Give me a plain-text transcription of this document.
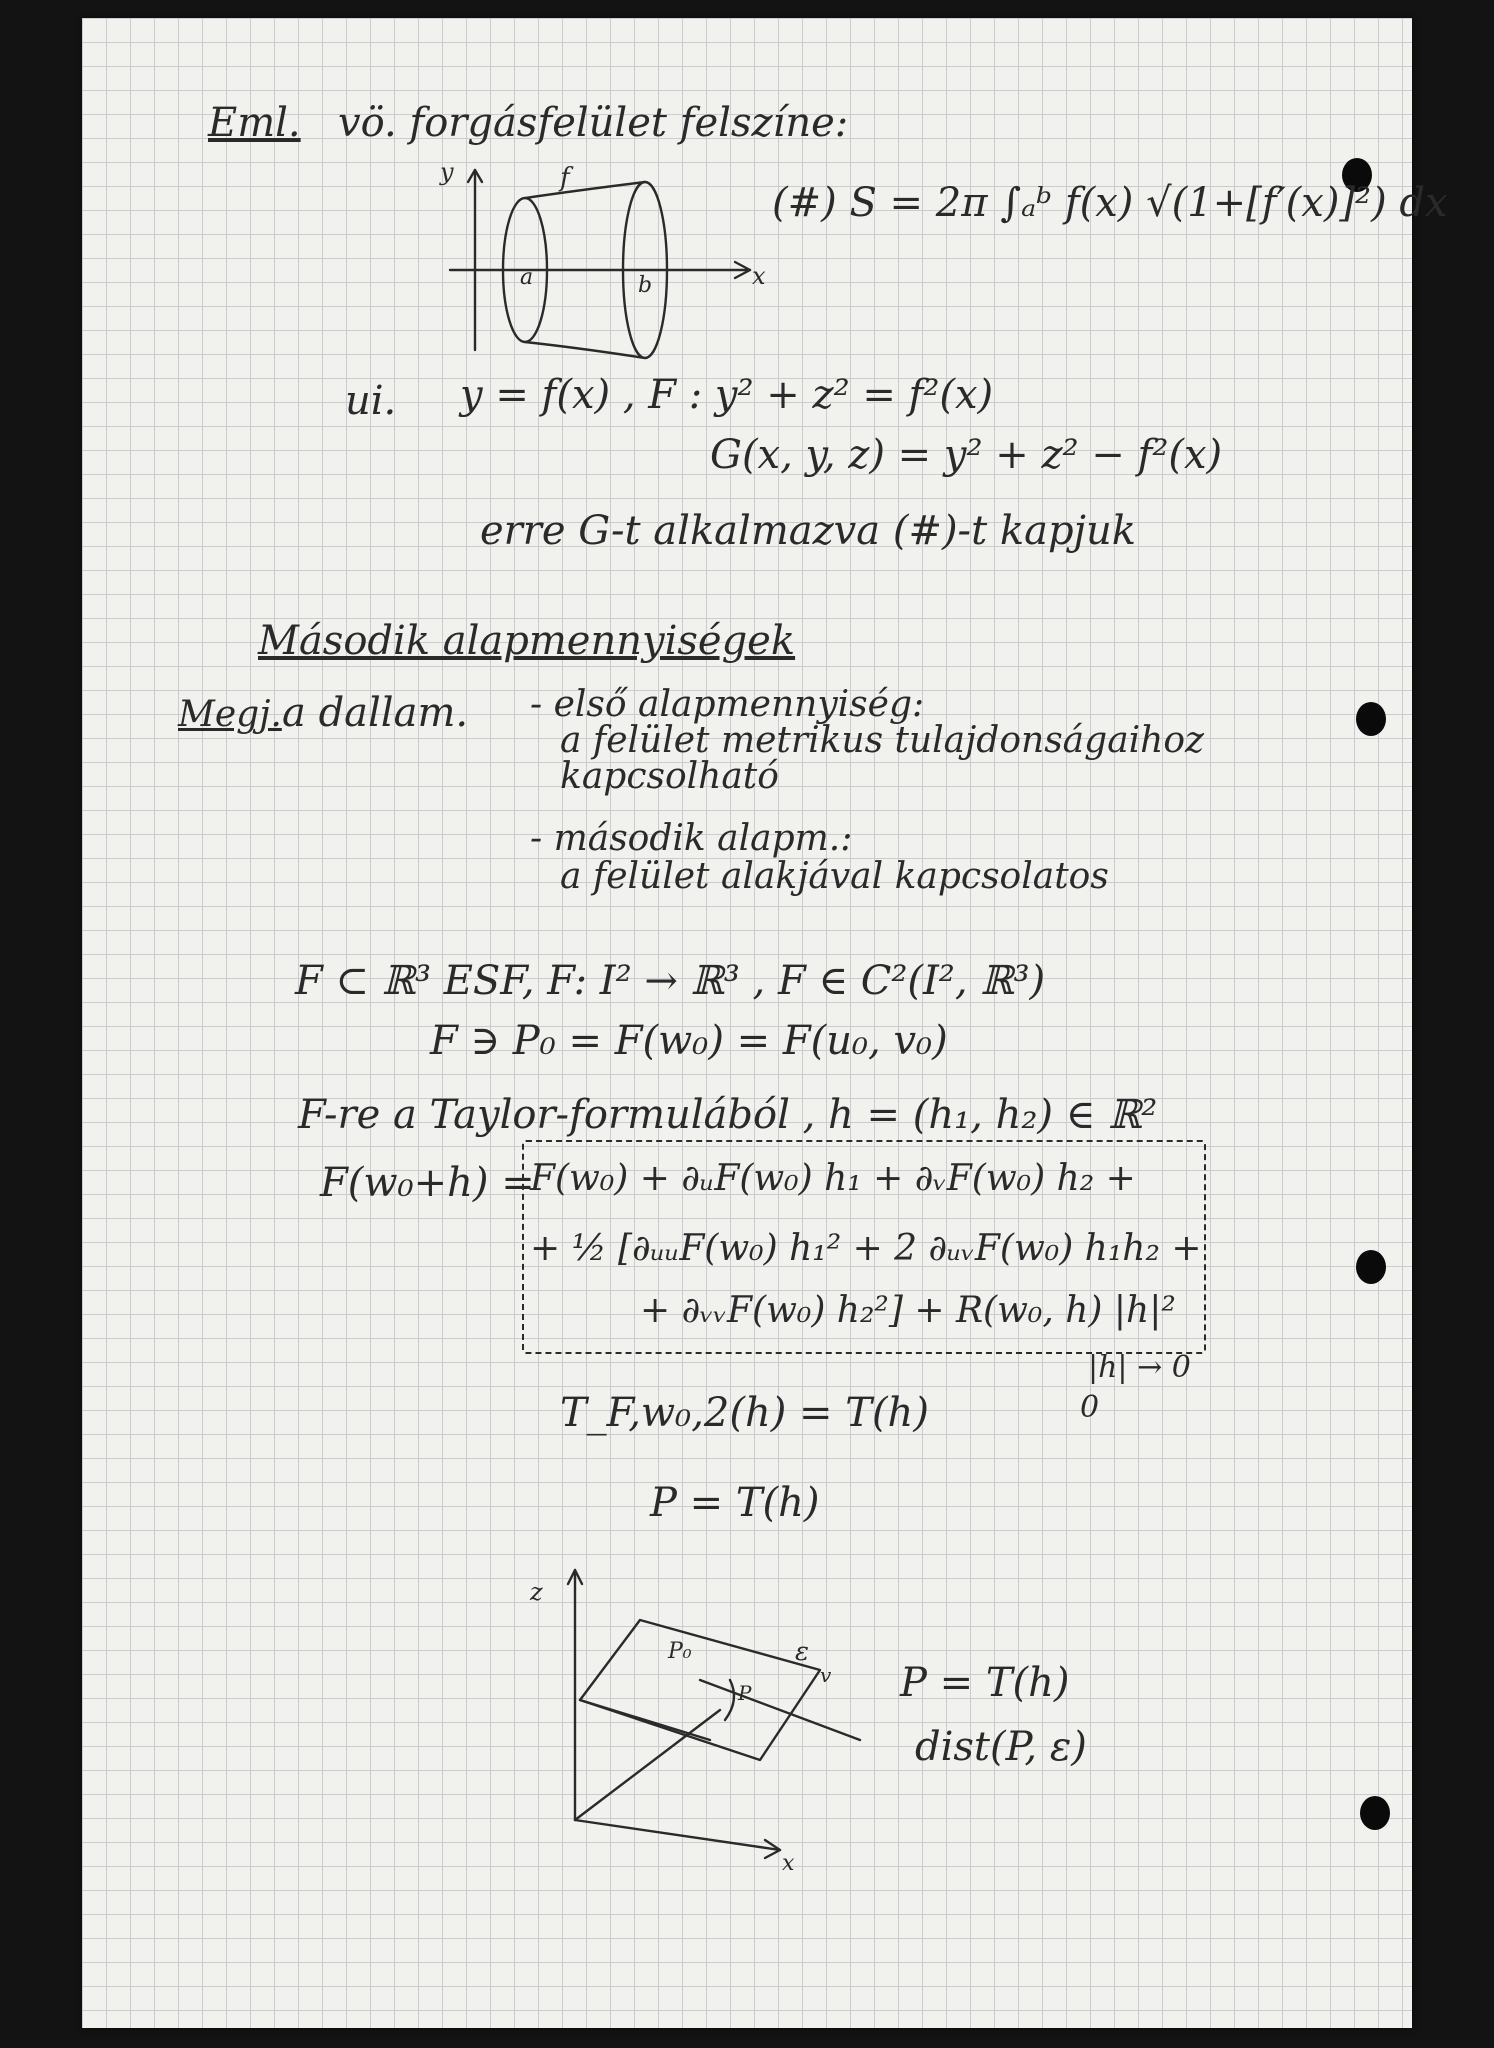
Eml. vö. forgásfelület felszíne:
y
x
f
a	b
(#) S = 2π ∫ₐᵇ f(x) √(1+[f′(x)]²) dx
ui. y = f(x) , F : y² + z² = f²(x)
G(x, y, z) = y² + z² − f²(x)
erre G-t alkalmazva (#)-t kapjuk
Második alapmennyiségek
Megj. a dallam. - első alapmennyiség:
a felület metrikus tulajdonságaihoz
kapcsolható
- második alapm.:
a felület alakjával kapcsolatos
F ⊂ ℝ³ ESF, F: I² → ℝ³ , F ∈ C²(I², ℝ³)
F ∋ P₀ = F(w₀) = F(u₀, v₀)
F-re a Taylor-formulából , h = (h₁, h₂) ∈ ℝ²
F(w₀+h) =
F(w₀) + ∂ᵤF(w₀) h₁ + ∂ᵥF(w₀) h₂ +
+ ½ [∂ᵤᵤF(w₀) h₁² + 2 ∂ᵤᵥF(w₀) h₁h₂ +
+ ∂ᵥᵥF(w₀) h₂²] + R(w₀, h) |h|²
|h| → 0
0
T_F,w₀,2(h) = T(h)
P = T(h)
z
x
P₀	ε
v
P	P = T(h)
dist(P, ε)
